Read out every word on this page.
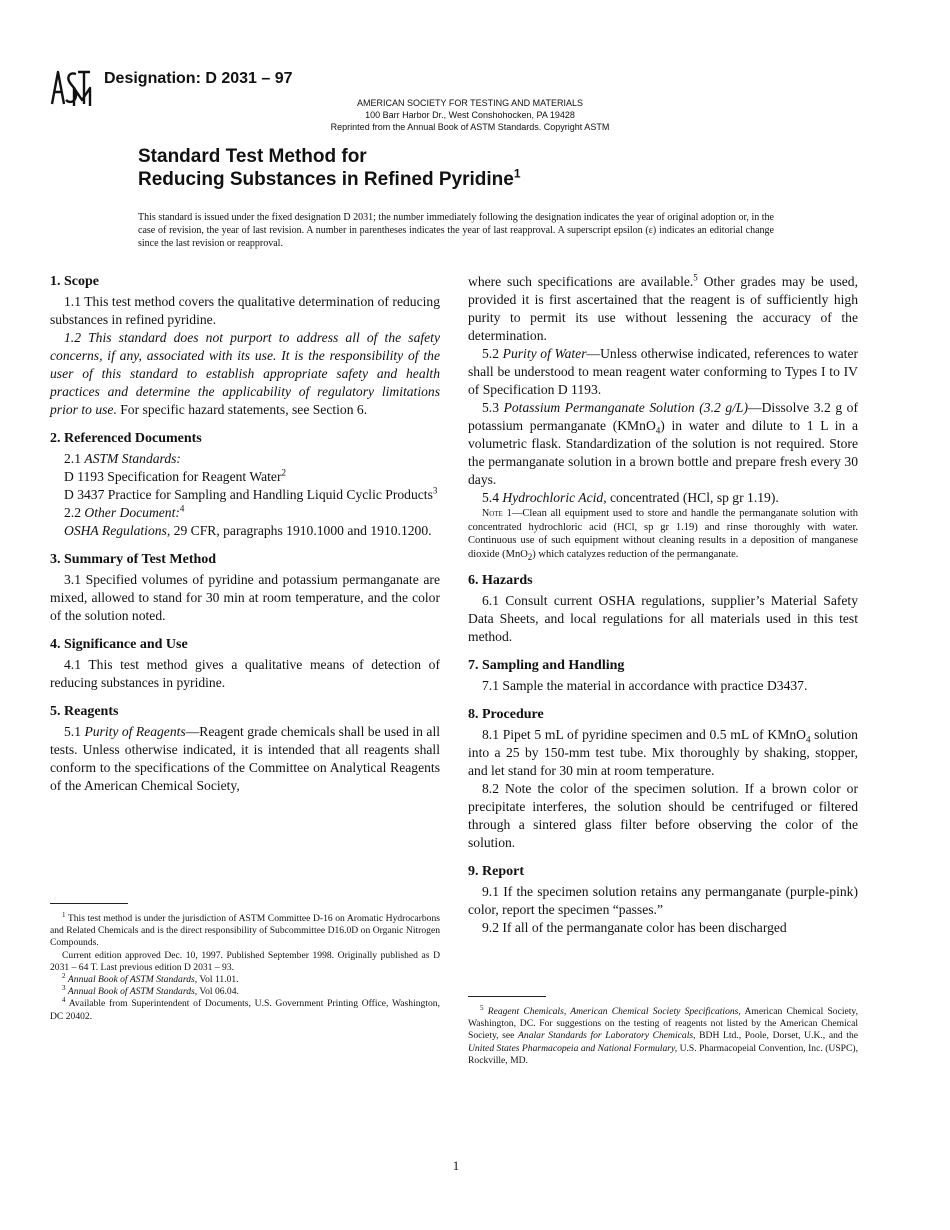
Designation: D 2031 – 97
AMERICAN SOCIETY FOR TESTING AND MATERIALS
100 Barr Harbor Dr., West Conshohocken, PA 19428
Reprinted from the Annual Book of ASTM Standards. Copyright ASTM
Standard Test Method for
Reducing Substances in Refined Pyridine$^1$
This standard is issued under the fixed designation D 2031; the number immediately following the designation indicates the year of original adoption or, in the case of revision, the year of last revision. A number in parentheses indicates the year of last reapproval. A superscript epsilon (ε) indicates an editorial change since the last revision or reapproval.
1. Scope

1.1 This test method covers the qualitative determination of reducing substances in refined pyridine.

1.2 This standard does not purport to address all of the safety concerns, if any, associated with its use. It is the responsibility of the user of this standard to establish appropriate safety and health practices and determine the applicability of regulatory limitations prior to use. For specific hazard statements, see Section 6.

2. Referenced Documents

2.1 ASTM Standards:

D 1193 Specification for Reagent Water$^2$

D 3437 Practice for Sampling and Handling Liquid Cyclic Products$^3$

2.2 Other Document:$^4$

OSHA Regulations, 29 CFR, paragraphs 1910.1000 and 1910.1200.

3. Summary of Test Method

3.1 Specified volumes of pyridine and potassium permanganate are mixed, allowed to stand for 30 min at room temperature, and the color of the solution noted.

4. Significance and Use

4.1 This test method gives a qualitative means of detection of reducing substances in pyridine.

5. Reagents

5.1 Purity of Reagents—Reagent grade chemicals shall be used in all tests. Unless otherwise indicated, it is intended that all reagents shall conform to the specifications of the Committee on Analytical Reagents of the American Chemical Society,

$^1$ This test method is under the jurisdiction of ASTM Committee D-16 on Aromatic Hydrocarbons and Related Chemicals and is the direct responsibility of Subcommittee D16.0D on Organic Nitrogen Compounds.

Current edition approved Dec. 10, 1997. Published September 1998. Originally published as D 2031 – 64 T. Last previous edition D 2031 – 93.

$^2$ Annual Book of ASTM Standards, Vol 11.01.

$^3$ Annual Book of ASTM Standards, Vol 06.04.

$^4$ Available from Superintendent of Documents, U.S. Government Printing Office, Washington, DC 20402.

where such specifications are available.$^5$ Other grades may be used, provided it is first ascertained that the reagent is of sufficiently high purity to permit its use without lessening the accuracy of the determination.

5.2 Purity of Water—Unless otherwise indicated, references to water shall be understood to mean reagent water conforming to Types I to IV of Specification D 1193.

5.3 Potassium Permanganate Solution (3.2 g/L)—Dissolve 3.2 g of potassium permanganate (KMnO$_4$) in water and dilute to 1 L in a volumetric flask. Standardization of the solution is not required. Store the permanganate solution in a brown bottle and prepare fresh every 30 days.

5.4 Hydrochloric Acid, concentrated (HCl, sp gr 1.19).

Note 1—Clean all equipment used to store and handle the permanganate solution with concentrated hydrochloric acid (HCl, sp gr 1.19) and rinse thoroughly with water. Continuous use of such equipment without cleaning results in a deposition of manganese dioxide (MnO$_2$) which catalyzes reduction of the permanganate.

6. Hazards

6.1 Consult current OSHA regulations, supplier’s Material Safety Data Sheets, and local regulations for all materials used in this test method.

7. Sampling and Handling

7.1 Sample the material in accordance with practice D3437.

8. Procedure

8.1 Pipet 5 mL of pyridine specimen and 0.5 mL of KMnO$_4$ solution into a 25 by 150-mm test tube. Mix thoroughly by shaking, stopper, and let stand for 30 min at room temperature.

8.2 Note the color of the specimen solution. If a brown color or precipitate interferes, the solution should be centrifuged or filtered through a sintered glass filter before observing the color of the solution.

9. Report

9.1 If the specimen solution retains any permanganate (purple-pink) color, report the specimen “passes.”

9.2 If all of the permanganate color has been discharged

$^5$ Reagent Chemicals, American Chemical Society Specifications, American Chemical Society, Washington, DC. For suggestions on the testing of reagents not listed by the American Chemical Society, see Analar Standards for Laboratory Chemicals, BDH Ltd., Poole, Dorset, U.K., and the United States Pharmacopeia and National Formulary, U.S. Pharmacopeial Convention, Inc. (USPC), Rockville, MD.

1
